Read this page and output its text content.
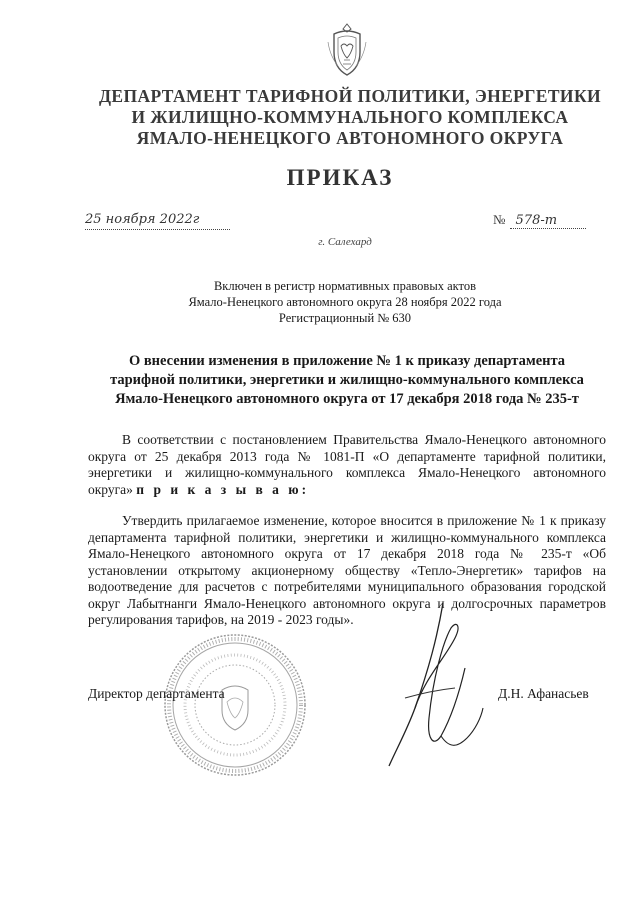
ДЕПАРТАМЕНТ ТАРИФНОЙ ПОЛИТИКИ, ЭНЕРГЕТИКИ
И ЖИЛИЩНО-КОММУНАЛЬНОГО КОМПЛЕКСА
ЯМАЛО-НЕНЕЦКОГО АВТОНОМНОГО ОКРУГА
ПРИКАЗ
25 ноября 2022г	№ 578-т
г. Салехард
Включен в регистр нормативных правовых актов
Ямало-Ненецкого автономного округа 28 ноября 2022 года
Регистрационный № 630
О внесении изменения в приложение № 1 к приказу департамента
тарифной политики, энергетики и жилищно-коммунального комплекса
Ямало-Ненецкого автономного округа от 17 декабря 2018 года № 235-т
В соответствии с постановлением Правительства Ямало-Ненецкого автономного округа от 25 декабря 2013 года № 1081-П «О департаменте тарифной политики, энергетики и жилищно-коммунального комплекса Ямало-Ненецкого автономного округа» п р и к а з ы в а ю:
Утвердить прилагаемое изменение, которое вносится в приложение № 1 к приказу департамента тарифной политики, энергетики и жилищно-коммунального комплекса Ямало-Ненецкого автономного округа от 17 декабря 2018 года № 235-т «Об установлении открытому акционерному обществу «Тепло-Энергетик» тарифов на водоотведение для расчетов с потребителями муниципального образования городской округ Лабытнанги Ямало-Ненецкого автономного округа и долгосрочных параметров регулирования тарифов, на 2019 - 2023 годы».
Директор департамента	Д.Н. Афанасьев
